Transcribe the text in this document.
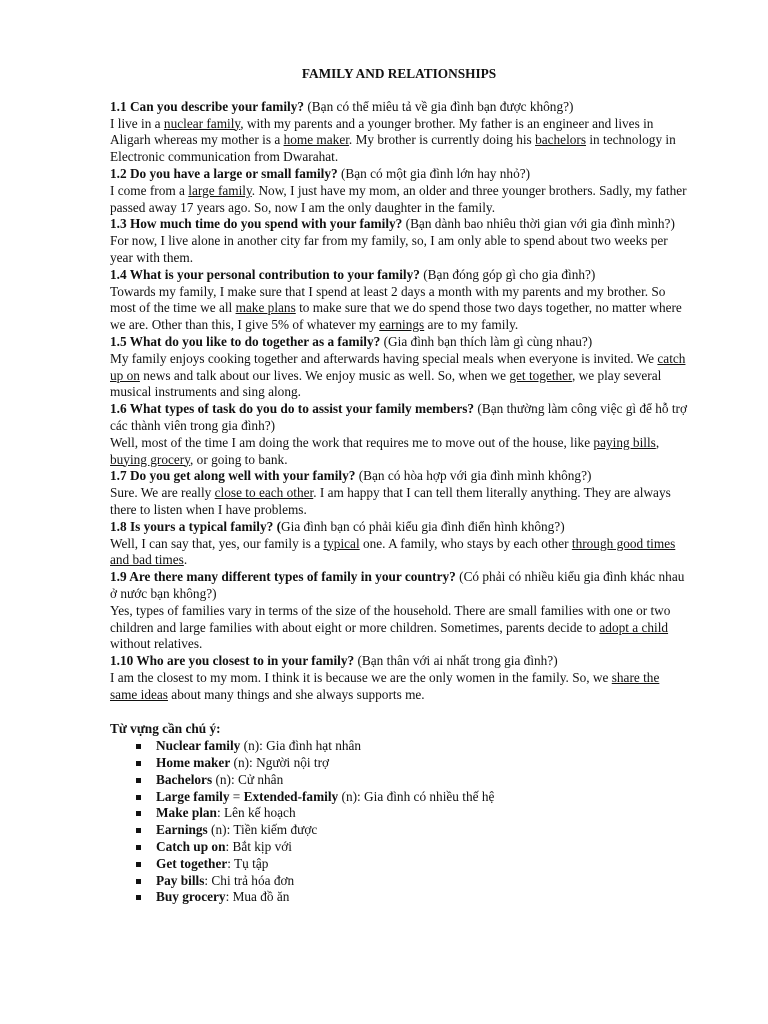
FAMILY AND RELATIONSHIPS

1.1 Can you describe your family? (Bạn có thể miêu tả về gia đình bạn được không?)

I live in a nuclear family, with my parents and a younger brother. My father is an engineer and lives in Aligarh whereas my mother is a home maker. My brother is currently doing his bachelors in technology in Electronic communication from Dwarahat.

1.2 Do you have a large or small family? (Bạn có một gia đình lớn hay nhỏ?)

I come from a large family. Now, I just have my mom, an older and three younger brothers. Sadly, my father passed away 17 years ago. So, now I am the only daughter in the family.

1.3 How much time do you spend with your family? (Bạn dành bao nhiêu thời gian với gia đình mình?)

For now, I live alone in another city far from my family, so, I am only able to spend about two weeks per year with them.

1.4 What is your personal contribution to your family? (Bạn đóng góp gì cho gia đình?)

Towards my family, I make sure that I spend at least 2 days a month with my parents and my brother. So most of the time we all make plans to make sure that we do spend those two days together, no matter where we are. Other than this, I give 5% of whatever my earnings are to my family.

1.5 What do you like to do together as a family? (Gia đình bạn thích làm gì cùng nhau?)

My family enjoys cooking together and afterwards having special meals when everyone is invited. We catch up on news and talk about our lives. We enjoy music as well. So, when we get together, we play several musical instruments and sing along.

1.6 What types of task do you do to assist your family members? (Bạn thường làm công việc gì để hỗ trợ các thành viên trong gia đình?)

Well, most of the time I am doing the work that requires me to move out of the house, like paying bills, buying grocery, or going to bank.

1.7 Do you get along well with your family? (Bạn có hòa hợp với gia đình mình không?)

Sure. We are really close to each other. I am happy that I can tell them literally anything. They are always there to listen when I have problems.

1.8 Is yours a typical family? (Gia đình bạn có phải kiểu gia đình điển hình không?)

Well, I can say that, yes, our family is a typical one. A family, who stays by each other through good times and bad times.

1.9 Are there many different types of family in your country? (Có phải có nhiều kiểu gia đình khác nhau ở nước bạn không?)

Yes, types of families vary in terms of the size of the household. There are small families with one or two children and large families with about eight or more children. Sometimes, parents decide to adopt a child without relatives.

1.10 Who are you closest to in your family? (Bạn thân với ai nhất trong gia đình?)

I am the closest to my mom. I think it is because we are the only women in the family. So, we share the same ideas about many things and she always supports me.

Từ vựng cần chú ý:
Nuclear family (n): Gia đình hạt nhân
Home maker (n): Người nội trợ
Bachelors (n): Cử nhân
Large family = Extended-family (n): Gia đình có nhiều thế hệ
Make plan: Lên kế hoạch
Earnings (n): Tiền kiếm được
Catch up on: Bắt kịp với
Get together: Tụ tập
Pay bills: Chi trả hóa đơn
Buy grocery: Mua đồ ăn
